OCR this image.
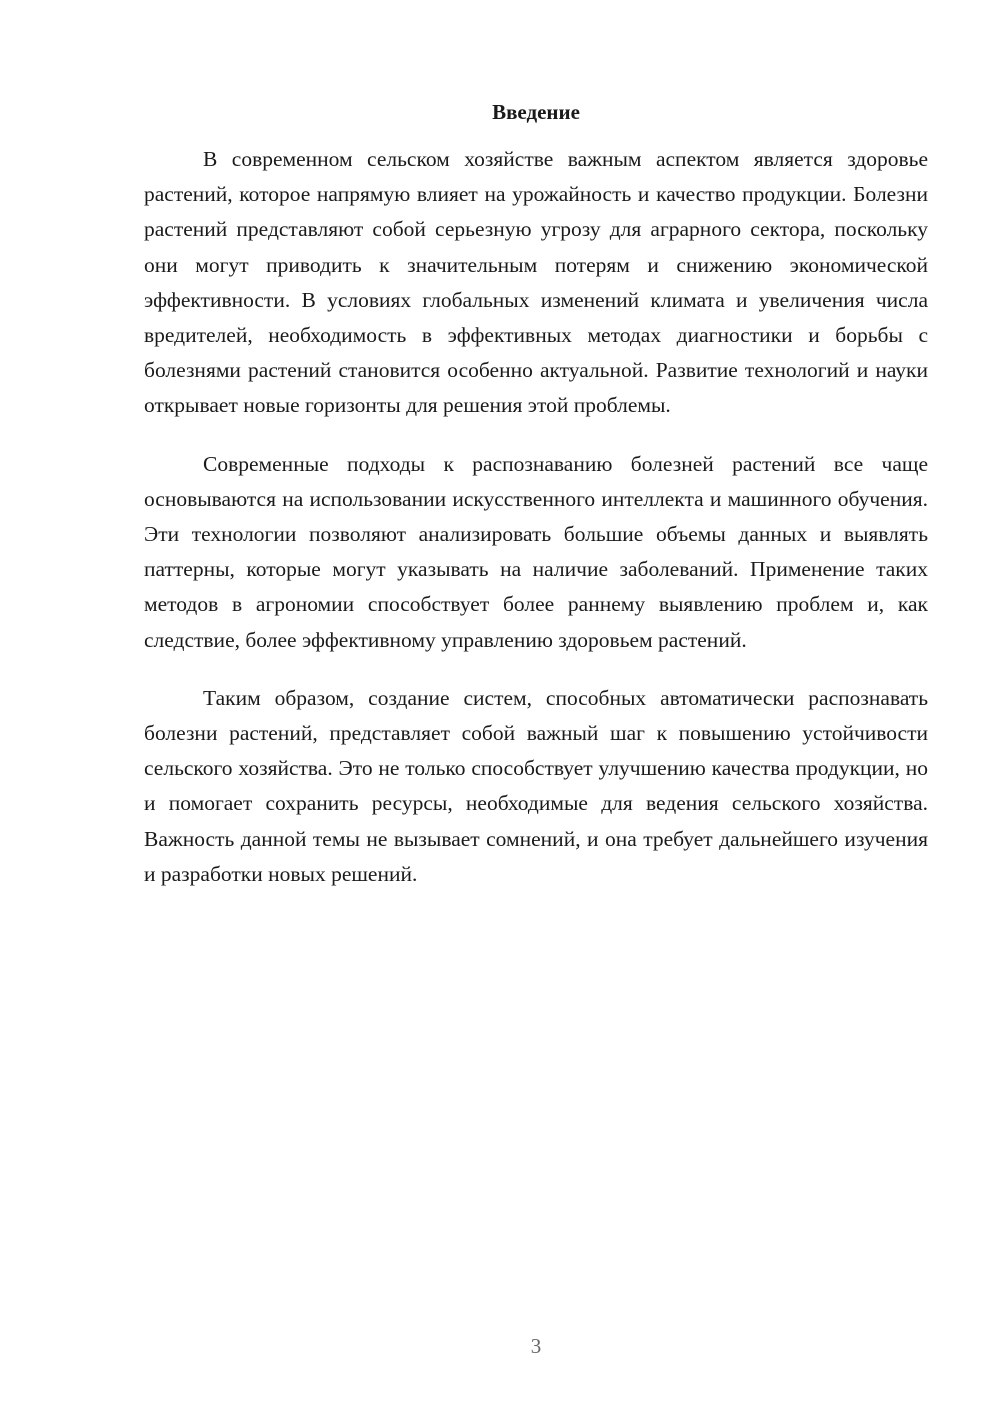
Введение

В современном сельском хозяйстве важным аспектом является здоровье растений, которое напрямую влияет на урожайность и качество продукции. Болезни растений представляют собой серьезную угрозу для аграрного сектора, поскольку они могут приводить к значительным потерям и снижению экономической эффективности. В условиях глобальных изменений климата и увеличения числа вредителей, необходимость в эффективных методах диагностики и борьбы с болезнями растений становится особенно актуальной. Развитие технологий и науки открывает новые горизонты для решения этой проблемы.

Современные подходы к распознаванию болезней растений все чаще основываются на использовании искусственного интеллекта и машинного обучения. Эти технологии позволяют анализировать большие объемы данных и выявлять паттерны, которые могут указывать на наличие заболеваний. Применение таких методов в агрономии способствует более раннему выявлению проблем и, как следствие, более эффективному управлению здоровьем растений.

Таким образом, создание систем, способных автоматически распознавать болезни растений, представляет собой важный шаг к повышению устойчивости сельского хозяйства. Это не только способствует улучшению качества продукции, но и помогает сохранить ресурсы, необходимые для ведения сельского хозяйства. Важность данной темы не вызывает сомнений, и она требует дальнейшего изучения и разработки новых решений.

3
